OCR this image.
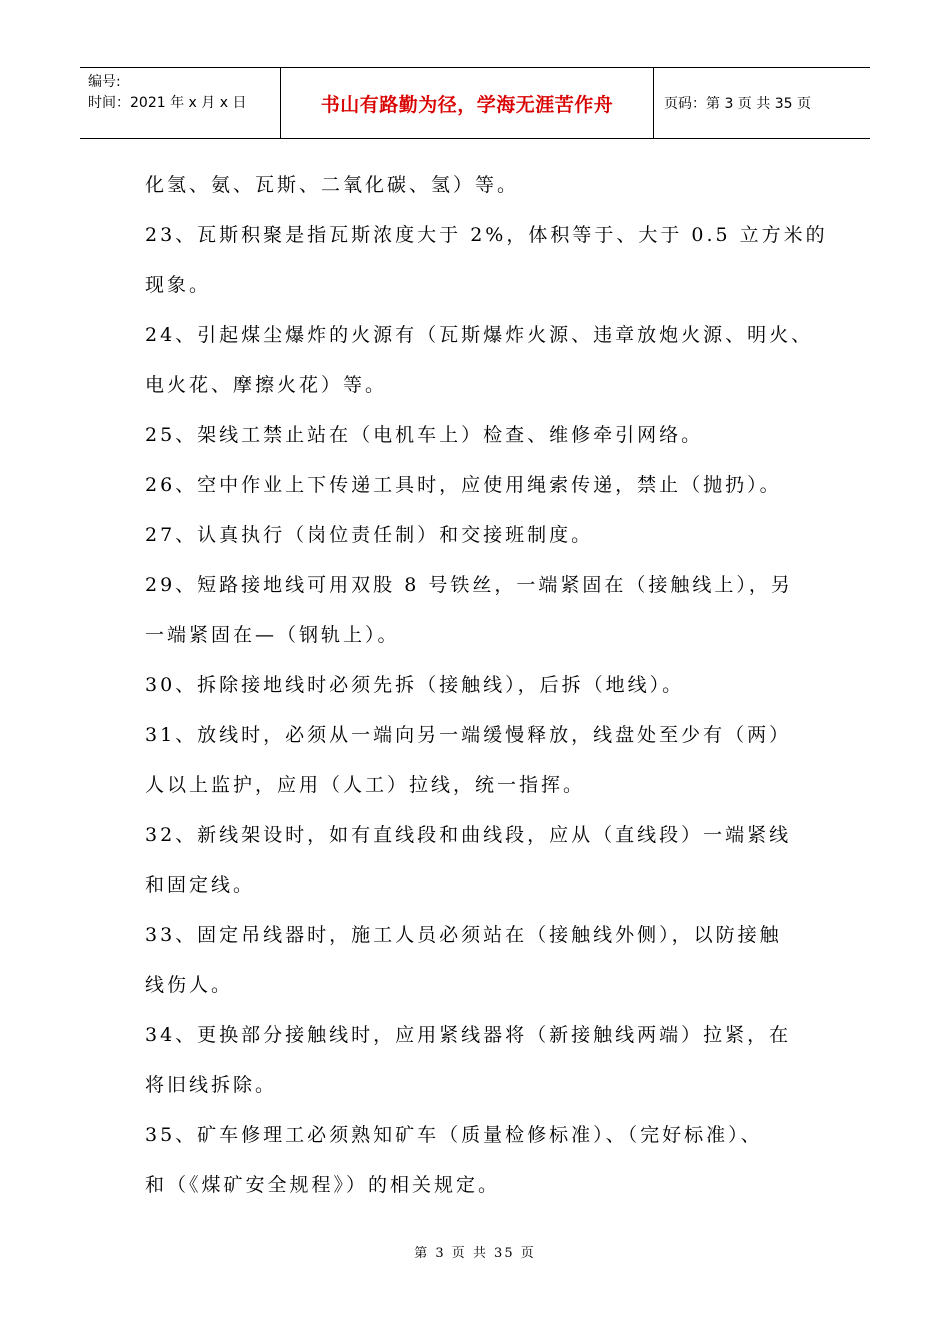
编号:
时间：2021 年 x 月 x 日	书山有路勤为径，学海无涯苦作舟	页码：第 3 页 共 35 页
化氢、氨、瓦斯、二氧化碳、氢）等。
23、瓦斯积聚是指瓦斯浓度大于 2%，体积等于、大于 0.5 立方米的
现象。
24、引起煤尘爆炸的火源有（瓦斯爆炸火源、违章放炮火源、明火、
电火花、摩擦火花）等。
25、架线工禁止站在（电机车上）检查、维修牵引网络。
26、空中作业上下传递工具时，应使用绳索传递，禁止（抛扔）。
27、认真执行（岗位责任制）和交接班制度。
29、短路接地线可用双股 8 号铁丝，一端紧固在（接触线上），另
一端紧固在—（钢轨上）。
30、拆除接地线时必须先拆（接触线），后拆（地线）。
31、放线时，必须从一端向另一端缓慢释放，线盘处至少有（两）
人以上监护，应用（人工）拉线，统一指挥。
32、新线架设时，如有直线段和曲线段，应从（直线段）一端紧线
和固定线。
33、固定吊线器时，施工人员必须站在（接触线外侧），以防接触
线伤人。
34、更换部分接触线时，应用紧线器将（新接触线两端）拉紧，在
将旧线拆除。
35、矿车修理工必须熟知矿车（质量检修标准）、（完好标准）、
和（《煤矿安全规程》）的相关规定。
第 3 页 共 35 页
